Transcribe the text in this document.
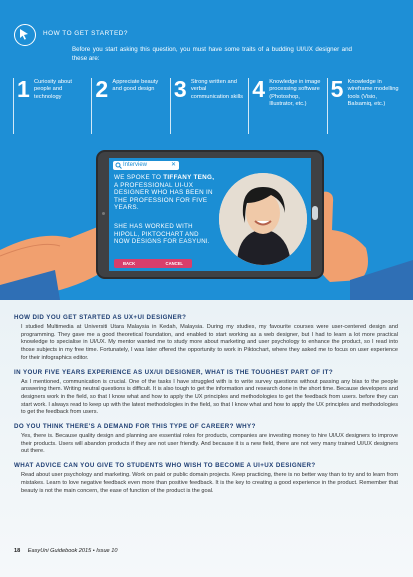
HOW TO GET STARTED?
Before you start asking this question, you must have some traits of a budding UI/UX designer and these are:
1 Curiosity about people and technology	2 Appreciate beauty and good design 3 Strong written and verbal communication skills 4 Knowledge in image processing software (Photoshop, Illustrator, etc.)
5 Knowledge in wireframe modelling tools (Visio, Balsamiq, etc.)
Interview	✕
WE SPOKE TO TIFFANY TENG, A PROFESSIONAL UI-UX DESIGNER WHO HAS BEEN IN THE PROFESSION FOR FIVE YEARS.
SHE HAS WORKED WITH HIPOLL, PIKTOCHART AND NOW DESIGNS FOR EASYUNI.
BACK	CANCEL
HOW DID YOU GET STARTED AS UX+UI DESIGNER?
I studied Multimedia at Universiti Utara Malaysia in Kedah, Malaysia. During my studies, my favourite courses were user-centered design and programming. They gave me a good theoretical foundation, and enabled to start working as a web designer, but I had to learn a lot more practical knowledge to specialise in UI/UX. My mentor wanted me to study more about marketing and user psychology to enhance the product, so I read into those subjects in my free time. Fortunately, I was later offered the opportunity to work in Piktochart, where they asked me to focus on user experience for their infographics editor.
IN YOUR FIVE YEARS EXPERIENCE AS UX/UI DESIGNER, WHAT IS THE TOUGHEST PART OF IT?
As I mentioned, communication is crucial. One of the tasks I have struggled with is to write survey questions without passing any bias to the people answering them. Writing neutral questions is difficult. It is also tough to get the information and research done in the short time. Because developers and designers work in the field, so that I know what and how to apply the UX principles and methodologies to get the feedback from users. before they can start work. I always read to keep up with the latest methodologies in the field, so that I know what and how to apply the UX principles and methodologies to get the feedback from users.
DO YOU THINK THERE'S A DEMAND FOR THIS TYPE OF CAREER? WHY?
Yes, there is. Because quality design and planning are essential roles for products, companies are investing money to hire UI/UX designers to improve their products. Users will abandon products if they are not user friendly. And because it is a new field, there are not very many trained UI/UX designers out there.
WHAT ADVICE CAN YOU GIVE TO STUDENTS WHO WISH TO BECOME A UI+UX DESIGNER?
Read about user psychology and marketing. Work on paid or public domain projects. Keep practicing, there is no better way than to try and to learn from mistakes. Learn to love negative feedback even more than positive feedback. It is the key to creating a good experience in the product. Remember that beauty is not the main concern, the ease of function of the product is the goal.
18 EasyUni Guidebook 2015 • Issue 10
